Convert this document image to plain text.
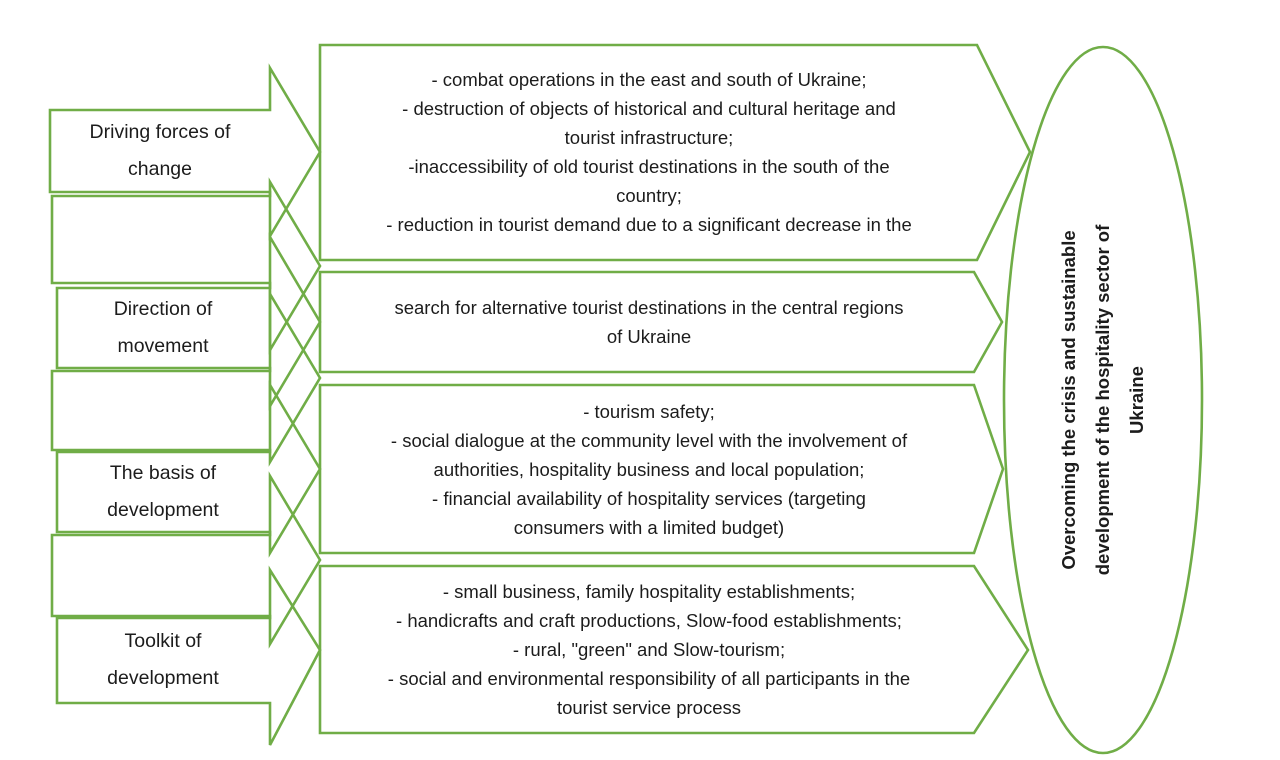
Driving forces of
change
Direction of
movement
The basis of
development
Toolkit of
development
- combat operations in the east and south of Ukraine;
- destruction of objects of historical and cultural heritage and
tourist infrastructure;
-inaccessibility of old tourist destinations in the south of the
country;
- reduction in tourist demand due to a significant decrease in the
search for alternative tourist destinations in the central regions
of Ukraine
- tourism safety;
- social dialogue at the community level with the involvement of
authorities, hospitality business and local population;
- financial availability of hospitality services (targeting
consumers with a limited budget)
- small business, family hospitality establishments;
- handicrafts and craft productions, Slow-food establishments;
- rural, "green" and Slow-tourism;
- social and environmental responsibility of all participants in the
tourist service process
Overcoming the crisis and sustainable
development of the hospitality sector of
Ukraine
